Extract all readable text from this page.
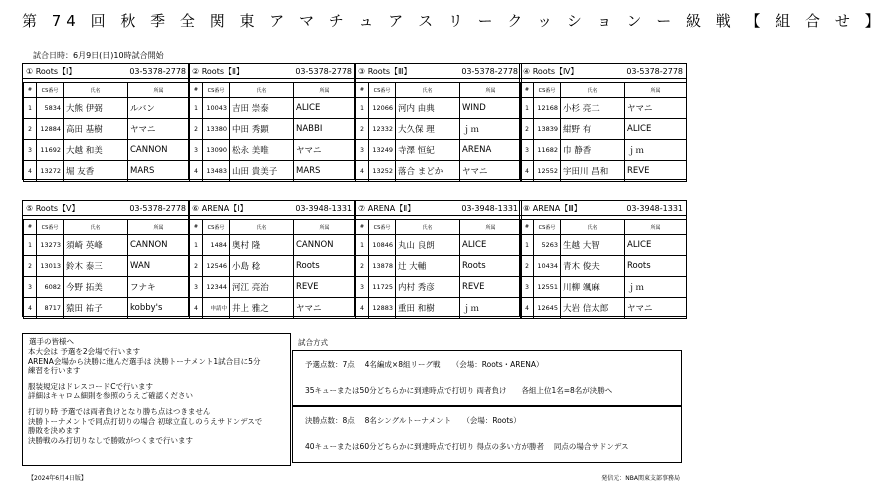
第 74 回 秋 季 全 関 東 ア マ チ ュ ア ス リ ー ク ッ シ ョ ン ー 級 戦 【 組 合 せ 】
試合日時：6月9日(日)10時試合開始
① Roots【Ⅰ】	03-5378-2778
#	CS番号	氏名	所属
1	5834	大熊 伊弼	ルバン
2	12884	高田 基樹	ヤマニ
3	11692	大越 和美	CANNON
4	13272	堀 友香	MARS
② Roots【Ⅱ】	03-5378-2778
#	CS番号	氏名	所属
1	10043	吉田 崇泰	ALICE
2	13380	中田 秀顕	NABBI
3	13090	松永 美唯	ヤマニ
4	13483	山田 貴美子	MARS
③ Roots【Ⅲ】	03-5378-2778
#	CS番号	氏名	所属
1	12066	河内 由典	WIND
2	12332	大久保 理	ｊｍ
3	13249	寺澤 恒紀	ARENA
4	13252	落合 まどか	ヤマニ
④ Roots【Ⅳ】	03-5378-2778
#	CS番号	氏名	所属
1	12168	小杉 亮二	ヤマニ
2	13839	紺野 有	ALICE
3	11682	巾 静香	ｊｍ
4	12552	宇田川 昌和	REVE
⑤ Roots【Ⅴ】	03-5378-2778
#	CS番号	氏名	所属
1	13273	須崎 英峰	CANNON
2	13013	鈴木 泰三	WAN
3	6082	今野 拓美	フナキ
4	8717	猿田 祐子	kobby's
⑥ ARENA【Ⅰ】	03-3948-1331
#	CS番号	氏名	所属
1	1484	奥村 隆	CANNON
2	12546	小島 稔	Roots
3	12344	河江 亮治	REVE
4	申請中	井上 雅之	ヤマニ
⑦ ARENA【Ⅱ】	03-3948-1331
#	CS番号	氏名	所属
1	10846	丸山 良朗	ALICE
2	13878	辻 大輔	Roots
3	11725	内村 秀彦	REVE
4	12883	重田 和樹	ｊｍ
⑧ ARENA【Ⅲ】	03-3948-1331
#	CS番号	氏名	所属
1	5263	生越 大智	ALICE
2	10434	青木 俊夫	Roots
3	12551	川柳 颯麻	ｊｍ
4	12645	大岩 信太郎	ヤマニ
選手の皆様へ
本大会は 予選を2会場で行います
ARENA会場から決勝に進んだ選手は 決勝トーナメント1試合目に5分
練習を行います
服装規定はドレスコードCで行います
詳細はキャロム細則を参照のうえご確認ください
打切り時 予選では両者負けとなり勝ち点はつきません
決勝トーナメントで同点打切りの場合 初球立直しのうえサドンデスで
勝敗を決めます
決勝戦のみ打切りなしで勝敗がつくまで行います
試合方式
予選点数：7点　 4名編成×8組リーグ戦　　（会場：Roots・ARENA）
35キューまたは50分どちらかに到達時点で打切り 両者負け　　各組上位1名=8名が決勝へ
決勝点数：8点　 8名シングルトーナメント　　（会場：Roots）
40キューまたは60分どちらかに到達時点で打切り 得点の多い方が勝者　 同点の場合サドンデス
【2024年6月4日版】	発信元：NBA関東支部事務局
